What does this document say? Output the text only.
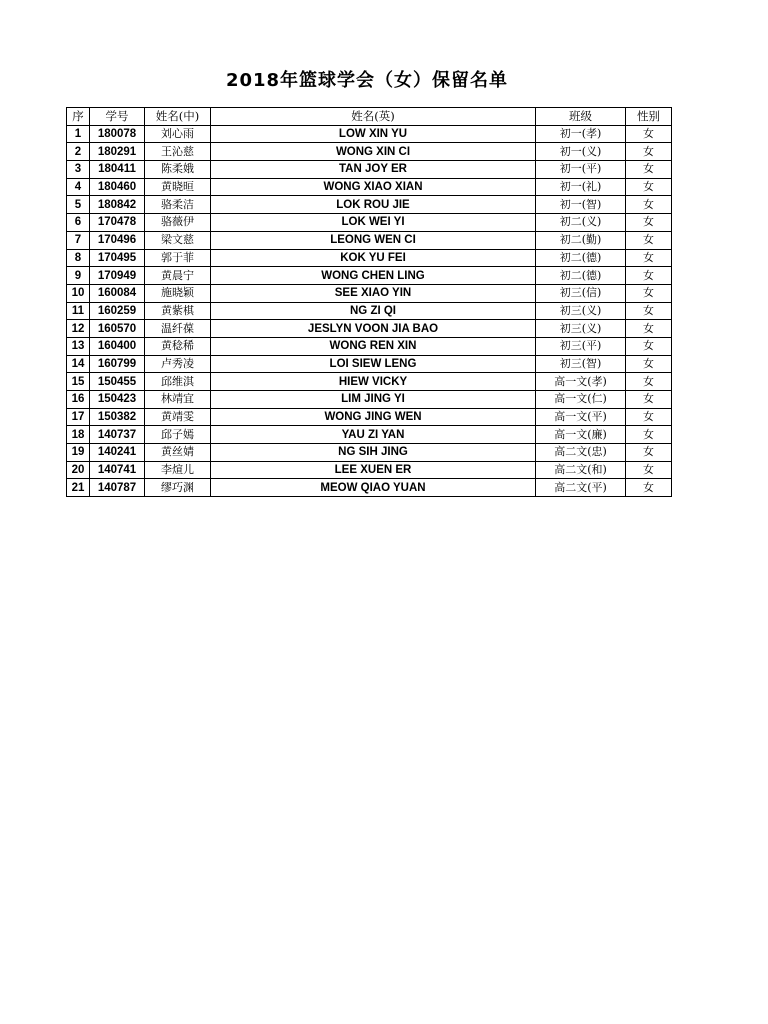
2018年篮球学会（女）保留名单
序	学号	姓名(中)	姓名(英)	班级	性别
1	180078	刘心雨	LOW XIN YU	初一(孝)	女
2	180291	王沁慈	WONG XIN CI	初一(义)	女
3	180411	陈柔娥	TAN JOY ER	初一(平)	女
4	180460	黄晓晅	WONG XIAO XIAN	初一(礼)	女
5	180842	骆柔洁	LOK ROU JIE	初一(智)	女
6	170478	骆薇伊	LOK WEI YI	初二(义)	女
7	170496	梁文慈	LEONG WEN CI	初二(勤)	女
8	170495	郭于菲	KOK YU FEI	初二(德)	女
9	170949	黄晨宁	WONG CHEN LING	初二(德)	女
10	160084	施晓颖	SEE XIAO YIN	初三(信)	女
11	160259	黄紫棋	NG ZI QI	初三(义)	女
12	160570	温纤葆	JESLYN VOON JIA BAO	初三(义)	女
13	160400	黄稔稀	WONG REN XIN	初三(平)	女
14	160799	卢秀凌	LOI SIEW LENG	初三(智)	女
15	150455	邱维淇	HIEW VICKY	高一文(孝)	女
16	150423	林靖宜	LIM JING YI	高一文(仁)	女
17	150382	黄靖雯	WONG JING WEN	高一文(平)	女
18	140737	邱子嫣	YAU ZI YAN	高一文(廉)	女
19	140241	黄丝婧	NG SIH JING	高二文(忠)	女
20	140741	李煊儿	LEE XUEN ER	高二文(和)	女
21	140787	缪巧渊	MEOW QIAO YUAN	高二文(平)	女
